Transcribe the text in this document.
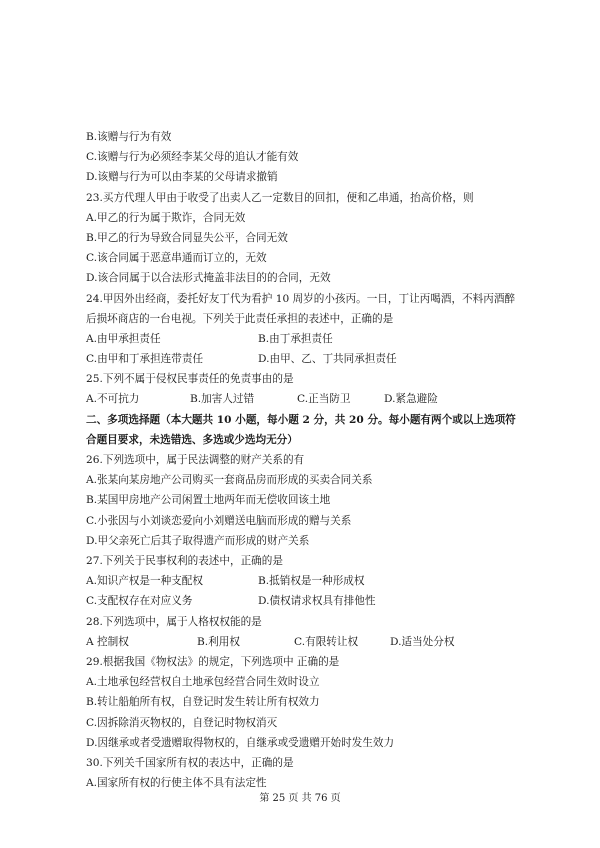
B.该赠与行为有效
C.该赠与行为必须经李某父母的追认才能有效
D.该赠与行为可以由李某的父母请求撤销
23.买方代理人甲由于收受了出卖人乙一定数目的回扣，便和乙串通，抬高价格，则
A.甲乙的行为属于欺诈，合同无效
B.甲乙的行为导致合同显失公平，合同无效
C.该合同属于恶意串通而订立的，无效
D.该合同属于以合法形式掩盖非法目的的合同，无效
24.甲因外出经商，委托好友丁代为看护 10 周岁的小孩丙。一日，丁让丙喝酒，不料丙酒醉后损坏商店的一台电视。下列关于此责任承担的表述中，正确的是
A.由甲承担责任	B.由丁承担责任
C.由甲和丁承担连带责任	D.由甲、乙、丁共同承担责任
25.下列不属于侵权民事责任的免责事由的是
A.不可抗力	B.加害人过错	C.正当防卫	D.紧急避险
二、多项选择题（本大题共 10 小题，每小题 2 分，共 20 分。每小题有两个或以上选项符合题目要求，未选错选、多选或少选均无分）
26.下列选项中，属于民法调整的财产关系的有
A.张某向某房地产公司购买一套商品房而形成的买卖合同关系
B.某国甲房地产公司闲置土地两年而无偿收回该土地
C.小张因与小刘谈恋爱向小刘赠送电脑而形成的赠与关系
D.甲父亲死亡后其子取得遗产而形成的财产关系
27.下列关于民事权利的表述中，正确的是
A.知识产权是一种支配权	B.抵销权是一种形成权
C.支配权存在对应义务	D.债权请求权具有排他性
28.下列选项中，属于人格权权能的是
A 控制权	B.利用权	C.有限转让权	D.适当处分权
29.根据我国《物权法》的规定，下列选项中 正确的是
A.土地承包经营权自土地承包经营合同生效时设立
B.转让船舶所有权，自登记时发生转让所有权效力
C.因拆除消灭物权的，自登记时物权消灭
D.因继承或者受遗赠取得物权的，自继承或受遗赠开始时发生效力
30.下列关千国家所有权的表达中，正确的是
A.国家所有权的行使主体不具有法定性
第 25 页 共 76 页
